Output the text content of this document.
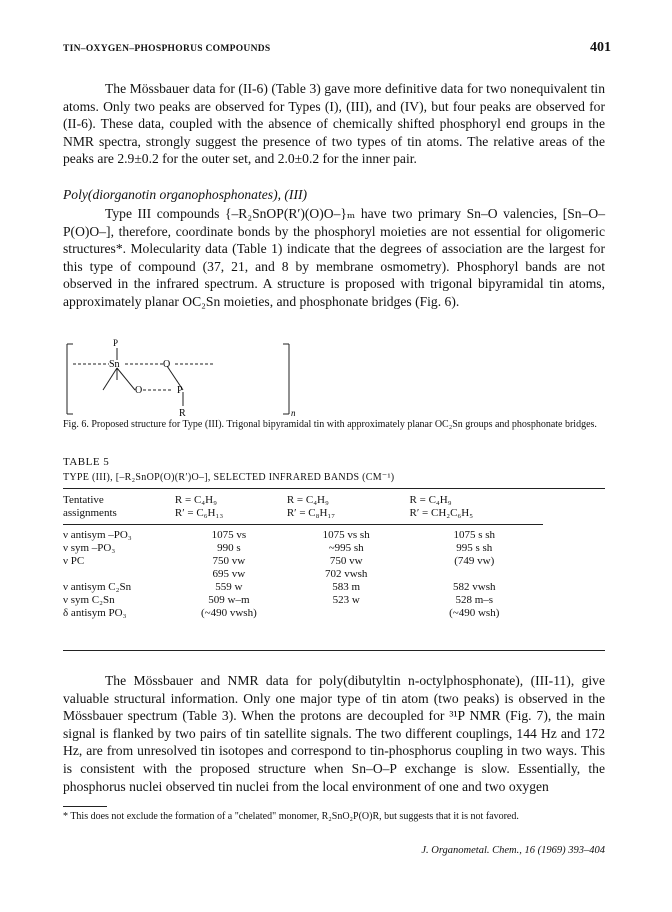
TIN–OXYGEN–PHOSPHORUS COMPOUNDS	401
The Mössbauer data for (II-6) (Table 3) gave more definitive data for two nonequivalent tin atoms. Only two peaks are observed for Types (I), (III), and (IV), but four peaks are observed for (II-6). These data, coupled with the absence of chemically shifted phosphoryl end groups in the NMR spectra, strongly suggest the presence of two types of tin atoms. The relative areas of the peaks are 2.9±0.2 for the outer set, and 2.0±0.2 for the inner pair.
Poly(diorganotin organophosphonates), (III)
Type III compounds {–R₂SnOP(R′)(O)O–}ₘ have two primary Sn–O valencies, [Sn–O–P(O)O–], therefore, coordinate bonds by the phosphoryl moieties are not essential for oligomeric structures*. Molecularity data (Table 1) indicate that the degrees of association are the largest for this type of compound (37, 21, and 8 by membrane osmometry). Phosphoryl bands are not observed in the infrared spectrum. A structure is proposed with trigonal bipyramidal tin atoms, approximately planar OC₂Sn moieties, and phosphonate bridges (Fig. 6).
P
Sn	O
O	P
R	n
Fig. 6. Proposed structure for Type (III). Trigonal bipyramidal tin with approximately planar OC₂Sn groups and phosphonate bridges.
TABLE 5
TYPE (III), [–R₂SnOP(O)(R′)O–], SELECTED INFRARED BANDS (CM⁻¹)
Tentative	R = C₄H₉	R = C₄H₉	R = C₄H₉
assignments	R′ = C₆H₁₃	R′ = C₈H₁₇	R′ = CH₂C₆H₅

ν antisym –PO₃	1075 vs	1075 vs sh	1075 s sh
ν sym –PO₃	990 s	~995 sh	995 s sh
ν PC	750 vw	750 vw	(749 vw)
	695 vw	702 vwsh	
ν antisym C₂Sn	559 w	583 m	582 vwsh
ν sym C₂Sn	509 w–m	523 w	528 m–s
δ antisym PO₃	(~490 vwsh)		(~490 wsh)
The Mössbauer and NMR data for poly(dibutyltin n-octylphosphonate), (III-11), give valuable structural information. Only one major type of tin atom (two peaks) is observed in the Mössbauer spectrum (Table 3). When the protons are decoupled for ³¹P NMR (Fig. 7), the main signal is flanked by two pairs of tin satellite signals. The two different couplings, 144 Hz and 172 Hz, are from unresolved tin isotopes and correspond to tin-phosphorus coupling in two ways. This is consistent with the proposed structure when Sn–O–P exchange is slow. Essentially, the phosphorus nuclei observed tin nuclei from the local environment of one and two oxygen
* This does not exclude the formation of a "chelated" monomer, R₂SnO₂P(O)R, but suggests that it is not favored.
J. Organometal. Chem., 16 (1969) 393–404
